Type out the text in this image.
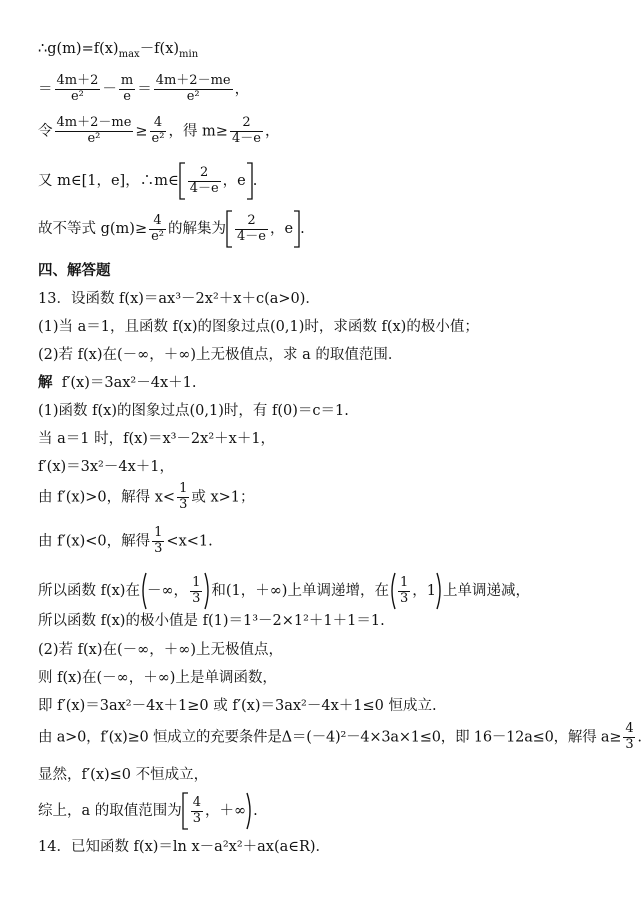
$\therefore g(m)=f(x)_{max}-f(x)_{min}$
＝ $\frac{4m+2}{\text{e²}} - \frac{m}{e} = \frac{4m+2-me}{\text{e²}}$ ，
令 $\frac{4m+2-me}{\text{e²}} \ge \frac{4}{\text{e²}}$ ，得 $m\ge \frac{2}{4-e}$ ，
又 m∈[1，e]，∴m∈ $\frac{2}{4-e}$ ，e .
故不等式 $g(m)\ge \frac{4}{\text{e²}}$ 的解集为 $\frac{2}{4-e}$ ，e .
四、解答题
13．设函数 f(x)＝ax³－2x²＋x＋c(a>0)．
(1)当 a＝1，且函数 f(x)的图象过点(0,1)时，求函数 f(x)的极小值；
(2)若 f(x)在(－∞，＋∞)上无极值点，求 a 的取值范围．
解 f′(x)＝3ax²－4x＋1.
(1)函数 f(x)的图象过点(0,1)时，有 f(0)＝c＝1.
当 a＝1 时，f(x)＝x³－2x²＋x＋1，
f′(x)＝3x²－4x＋1，
由 f′(x)>0，解得 $x< \frac{1}{3}$ 或 x>1；
由 f′(x)<0，解得 $\frac{1}{3} <x<1$.
所以函数 f(x)在 －∞， $\frac{1}{3}$ 和(1，＋∞)上单调递增，在 $\frac{1}{3}$ ，1 上单调递减，
所以函数 f(x)的极小值是 f(1)＝1³－2×1²＋1＋1＝1.
(2)若 f(x)在(－∞，＋∞)上无极值点，
则 f(x)在(－∞，＋∞)上是单调函数，
即 f′(x)＝3ax²－4x＋1≥0 或 f′(x)＝3ax²－4x＋1≤0 恒成立.
由 a>0，f′(x)≥0 恒成立的充要条件是Δ＝(－4)²－4×3a×1≤0，即 16－12a≤0，解得 $a\ge \frac{4}{3}$ .
显然，f′(x)≤0 不恒成立，
综上，a 的取值范围为 $\frac{4}{3}$ ，＋∞ .
14．已知函数 f(x)＝ln x－a²x²＋ax(a∈R)．
